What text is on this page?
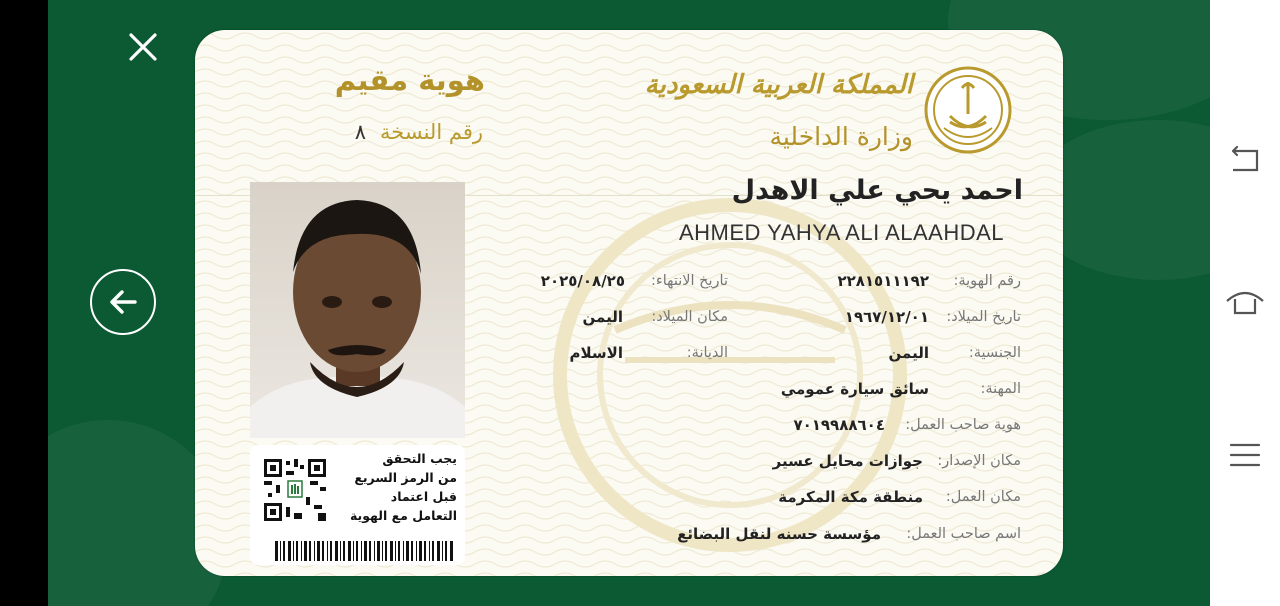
المملكة العربية السعودية
وزارة الداخلية
هوية مقيم
رقم النسخة٨
احمد يحي علي الاهدل
AHMED YAHYA ALI ALAAHDAL
رقم الهوية:
٢٢٨١٥١١١٩٢
تاريخ الانتهاء:
٢٠٢٥/٠٨/٢٥
تاريخ الميلاد:
١٩٦٧/١٢/٠١
مكان الميلاد:
اليمن
الجنسية:
اليمن
الديانة:
الاسلام
المهنة:
سائق سيارة عمومي
هوية صاحب العمل:
٧٠١٩٩٨٨٦٠٤
مكان الإصدار:
جوازات محايل عسير
مكان العمل:
منطقة مكة المكرمة
اسم صاحب العمل:
مؤسسة حسنه لنقل البضائع
يجب التحقق
من الرمز السريع
قبل اعتماد
التعامل مع الهوية
